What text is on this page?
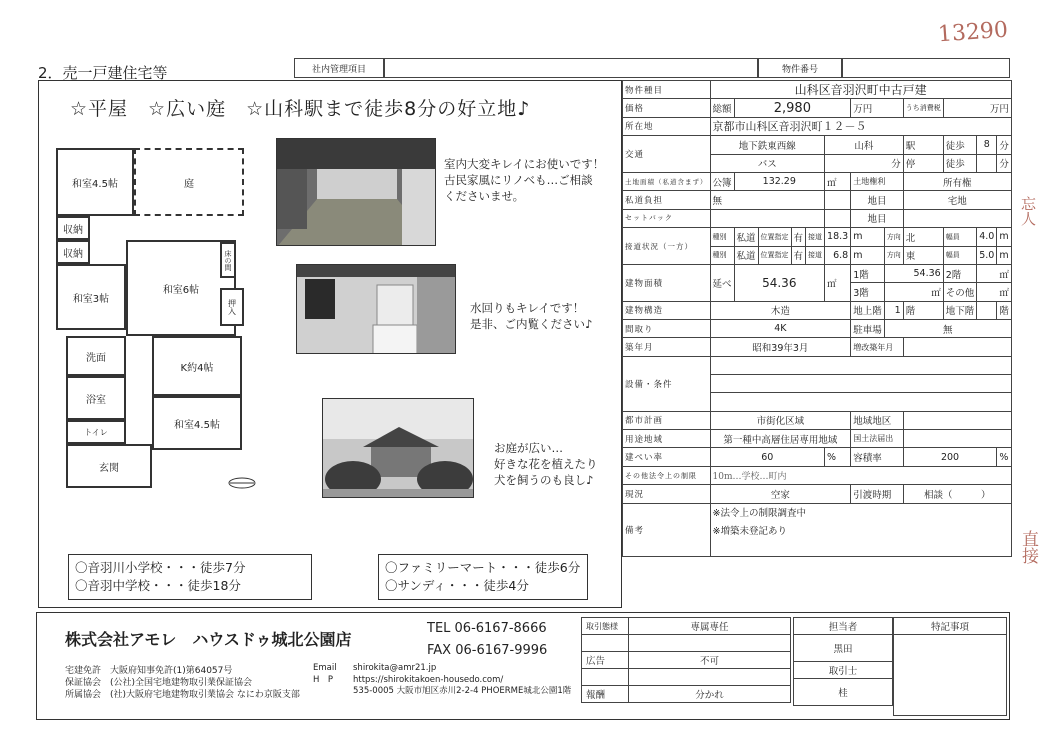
13290
忘人
直接
2．売一戸建住宅等	社内管理項目	物件番号
☆平屋　☆広い庭　☆山科駅まで徒歩8分の好立地♪
和室4.5帖	庭
収納
収納
和室6帖
床の間
和室3帖	押入
洗面
K約4帖
浴室
トイレ
和室4.5帖
玄関
室内大変キレイにお使いです！
古民家風にリノベも…ご相談
くださいませ。
水回りもキレイです！
是非、ご内覧ください♪
お庭が広い…
好きな花を植えたり
犬を飼うのも良し♪
〇音羽川小学校・・・徒歩7分
〇音羽中学校・・・徒歩18分
〇ファミリーマート・・・徒歩6分
〇サンディ・・・徒歩4分
物件種目	山科区音羽沢町中古戸建											
価格	総額	2,980					万円		うち消費税	万円		
所在地	京都市山科区音羽沢町１２－５											
交通	地下鉄東西線					山科			駅	徒歩	8	分
	バス					分			停	徒歩		分
土地面積（私道含まず）	公簿	132.29				㎡	土地権利		所有権			
私道負担	無						地目		宅地			
セットバック							地目					
接道状況（一方）	種別	私道	位置指定	有	接道	18.3	m	方向	北	幅員	4.0	m
	種別	私道	位置指定	有	接道	6.8	m	方向	東	幅員	5.0	m
建物面積	延べ	54.36				㎡	1階	54.36		2階	㎡	
							3階	㎡		その他	㎡	
建物構造	木造						地上階	1	階	地下階		階
間取り	4K						駐車場	無				
築年月	昭和39年3月						増改築年月					
設備・条件												

都市計画	市街化区域						地域地区					
用途地域	第一種中高層住居専用地域						国土法届出					
建ぺい率	60					%	容積率		200			%
その他法令上の制限	10m…学校…町内											
現況	空家						引渡時期		相談（　　　）			
備考	※法令上の制限調査中											
	※増築未登記あり											

株式会社アモレ　ハウスドゥ城北公園店
TEL 06-6167-8666
FAX 06-6167-9996
宅建免許　大阪府知事免許(1)第64057号
保証協会　(公社)全国宅地建物取引業保証協会
所属協会　(社)大阪府宅地建物取引業協会 なにわ京阪支部
Email
H　P
shirokita@amr21.jp
https://shirokitakoen-housedo.com/
535-0005 大阪市旭区赤川2-2-4 PHOERME城北公園1階
取引態様	専属専任

広告	不可

報酬	分かれ
担当者
黒田
取引士
桂
特記事項
